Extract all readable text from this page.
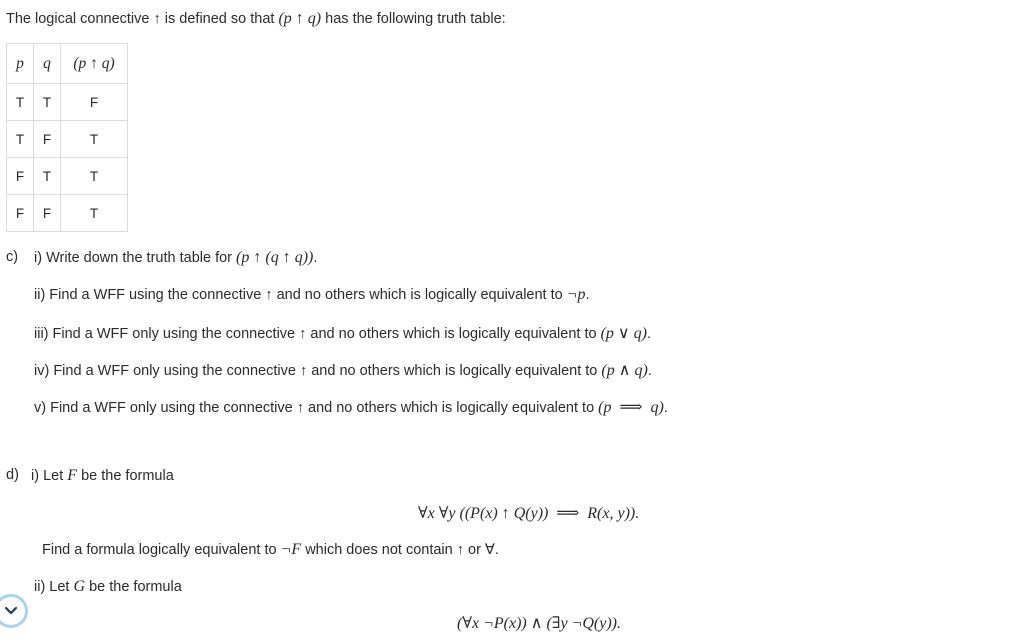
The logical connective ↑ is defined so that (p ↑ q) has the following truth table:
p	q	(p ↑ q)
T	T	F
T	F	T
F	T	T
F	F	T
c) i) Write down the truth table for (p ↑ (q ↑ q)).
ii) Find a WFF using the connective ↑ and no others which is logically equivalent to ¬p.
iii) Find a WFF only using the connective ↑ and no others which is logically equivalent to (p ∨ q).
iv) Find a WFF only using the connective ↑ and no others which is logically equivalent to (p ∧ q).
v) Find a WFF only using the connective ↑ and no others which is logically equivalent to (p  ⟹  q).
d) i) Let F be the formula
∀x ∀y ((P(x) ↑ Q(y))  ⟹  R(x, y)).
Find a formula logically equivalent to ¬F which does not contain ↑ or ∀.
ii) Let G be the formula
(∀x ¬P(x)) ∧ (∃y ¬Q(y)).
